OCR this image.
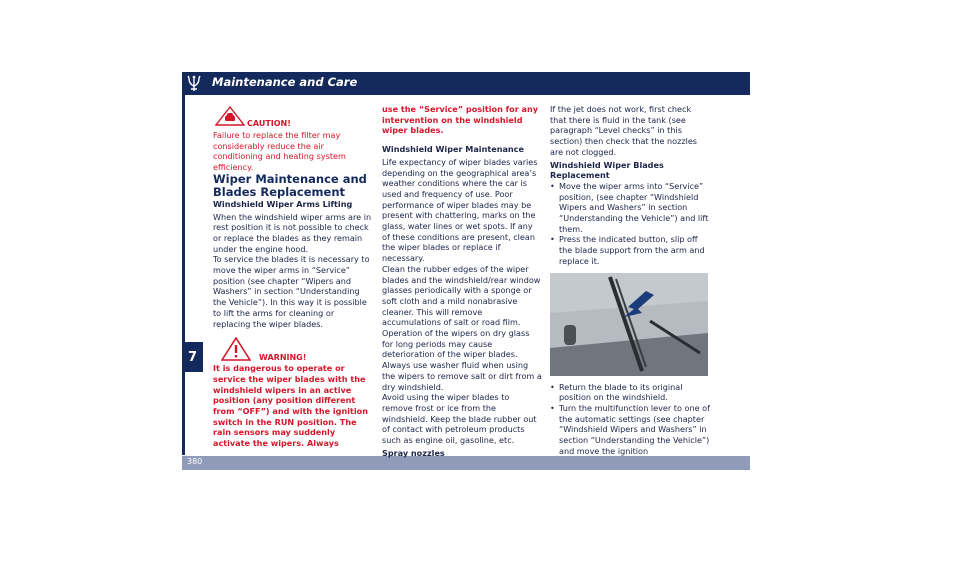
Maintenance and Care
7
380
CAUTION!

Failure to replace the filter may considerably reduce the air conditioning and heating system efficiency.

Wiper Maintenance and Blades Replacement

Windshield Wiper Arms Lifting

When the windshield wiper arms are in rest position it is not possible to check or replace the blades as they remain under the engine hood.

To service the blades it is necessary to move the wiper arms in “Service” position (see chapter “Wipers and Washers” in section “Understanding the Vehicle”). In this way it is possible to lift the arms for cleaning or replacing the wiper blades.

WARNING!

It is dangerous to operate or service the wiper blades with the windshield wipers in an active position (any position different from “OFF”) and with the ignition switch in the RUN position. The rain sensors may suddenly activate the wipers. Always

use the “Service” position for any intervention on the windshield wiper blades.

Windshield Wiper Maintenance

Life expectancy of wiper blades varies depending on the geographical area’s weather conditions where the car is used and frequency of use. Poor performance of wiper blades may be present with chattering, marks on the glass, water lines or wet spots. If any of these conditions are present, clean the wiper blades or replace if necessary.

Clean the rubber edges of the wiper blades and the windshield/rear window glasses periodically with a sponge or soft cloth and a mild nonabrasive cleaner. This will remove accumulations of salt or road film.

Operation of the wipers on dry glass for long periods may cause deterioration of the wiper blades. Always use washer fluid when using the wipers to remove salt or dirt from a dry windshield.

Avoid using the wiper blades to remove frost or ice from the windshield. Keep the blade rubber out of contact with petroleum products such as engine oil, gasoline, etc.

Spray nozzles

If the jet does not work, first check that there is fluid in the tank (see paragraph “Level checks” in this section) then check that the nozzles are not clogged.

Windshield Wiper Blades Replacement

• Move the wiper arms into “Service” position, (see chapter “Windshield Wipers and Washers” in section “Understanding the Vehicle”) and lift them.
• Press the indicated button, slip off the blade support from the arm and replace it.
• Return the blade to its original position on the windshield.
• Turn the multifunction lever to one of the automatic settings (see chapter “Windshield Wipers and Washers” in section “Understanding the Vehicle”) and move the ignition
